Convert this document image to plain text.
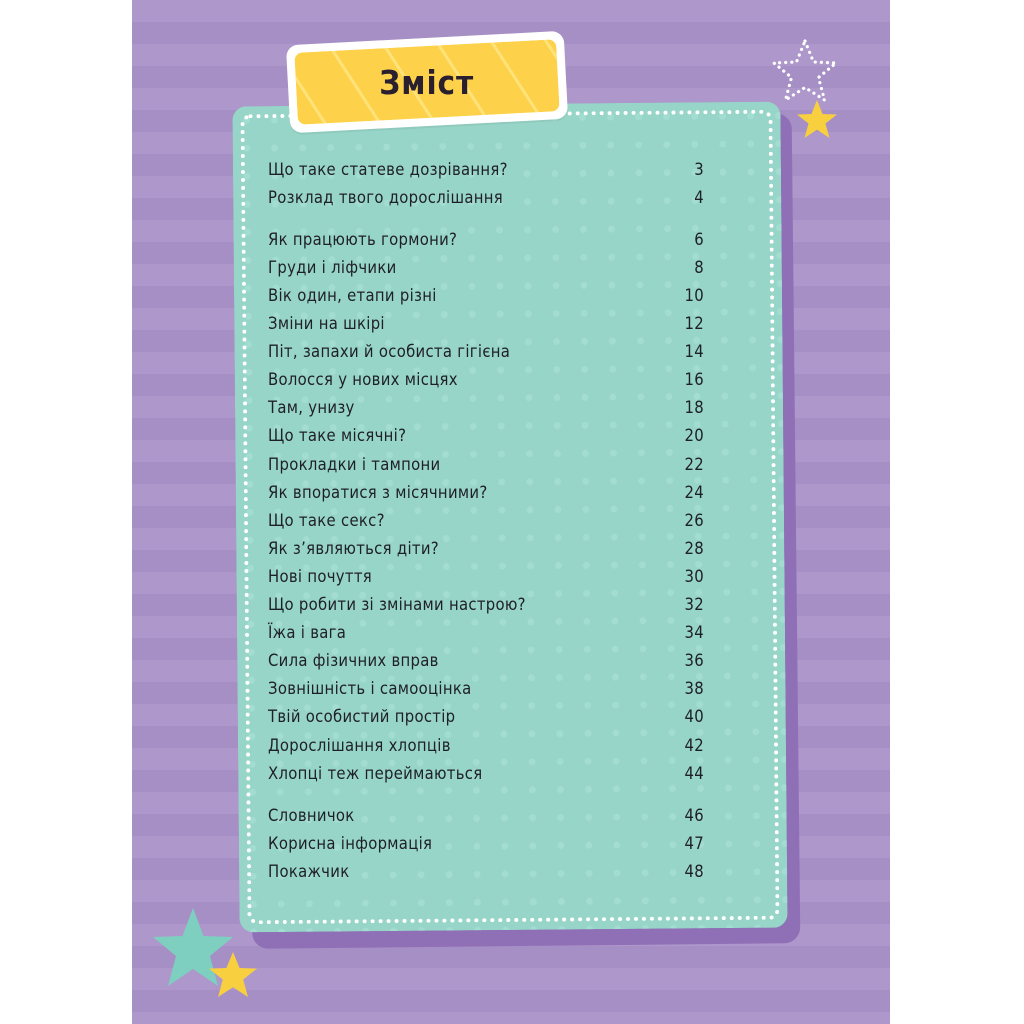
Зміст
Що таке статеве дозрівання?	3
Розклад твого дорослішання	4
Як працюють гормони?	6
Груди і ліфчики	8
Вік один, етапи різні	10
Зміни на шкірі	12
Піт, запахи й особиста гігієна	14
Волосся у нових місцях	16
Там, унизу	18
Що таке місячні?	20
Прокладки і тампони	22
Як впоратися з місячними?	24
Що таке секс?	26
Як з’являються діти?	28
Нові почуття	30
Що робити зі змінами настрою?	32
Їжа і вага	34
Сила фізичних вправ	36
Зовнішність і самооцінка	38
Твій особистий простір	40
Дорослішання хлопців	42
Хлопці теж переймаються	44
Словничок	46
Корисна інформація	47
Покажчик	48
